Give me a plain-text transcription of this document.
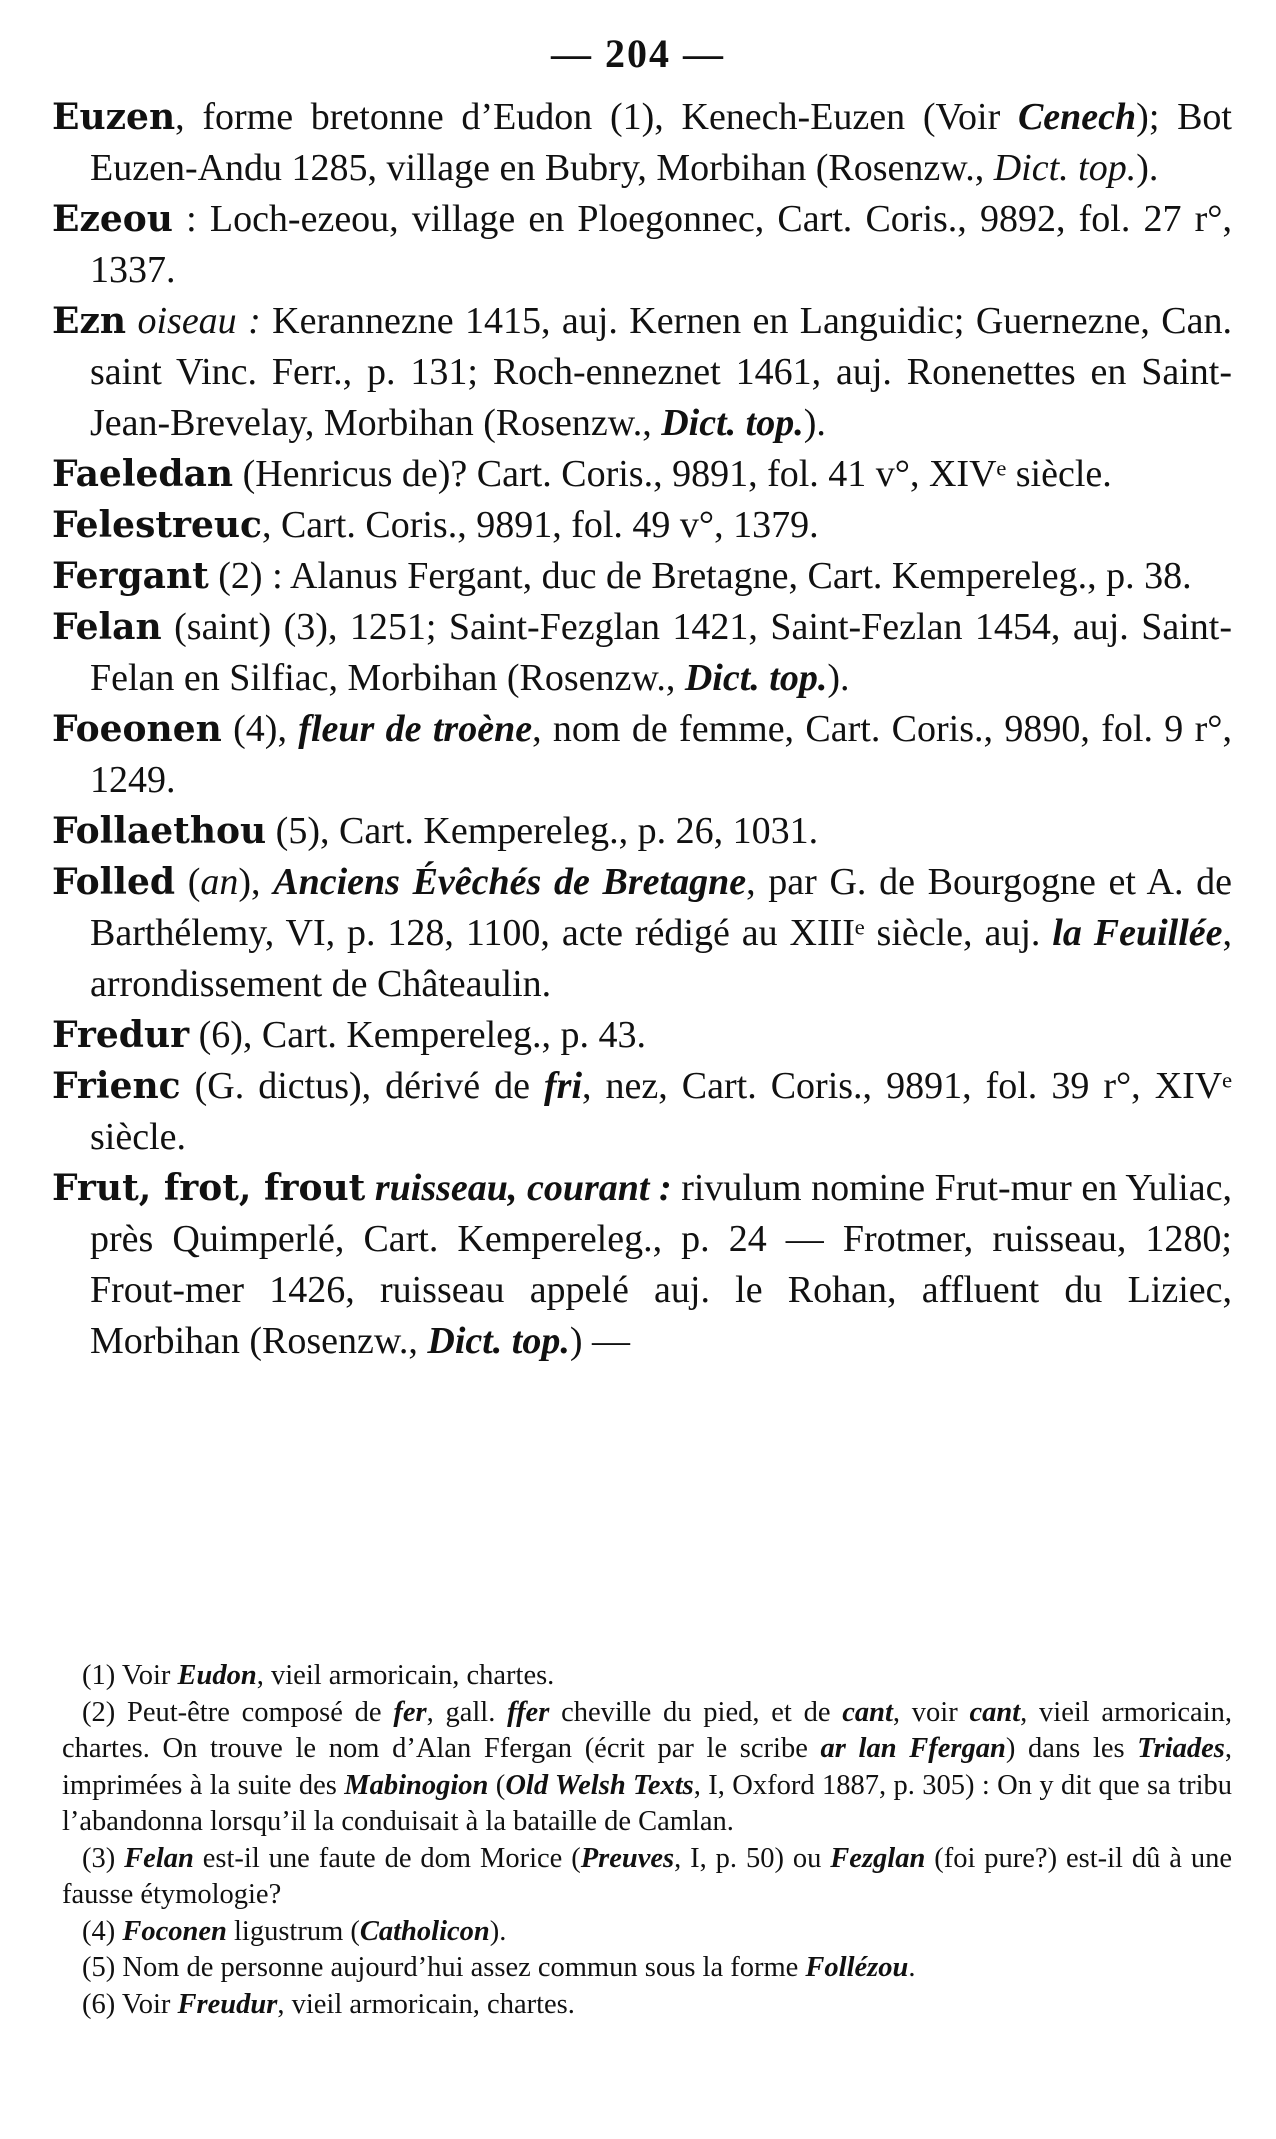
— 204 —

Euzen, forme bretonne d’Eudon (1), Kenech-Euzen (Voir Cenech); Bot Euzen-Andu 1285, village en Bubry, Morbihan (Rosenzw., Dict. top.).

Ezeou : Loch-ezeou, village en Ploegonnec, Cart. Coris., 9892, fol. 27 r°, 1337.

Ezn oiseau : Kerannezne 1415, auj. Kernen en Languidic; Guernezne, Can. saint Vinc. Ferr., p. 131; Roch-enneznet 1461, auj. Ronenettes en Saint-Jean-Brevelay, Morbihan (Rosenzw., Dict. top.).

Faeledan (Henricus de)? Cart. Coris., 9891, fol. 41 v°, XIVᵉ siècle.

Felestreuc, Cart. Coris., 9891, fol. 49 v°, 1379.

Fergant (2) : Alanus Fergant, duc de Bretagne, Cart. Kempereleg., p. 38.

Felan (saint) (3), 1251; Saint-Fezglan 1421, Saint-Fezlan 1454, auj. Saint-Felan en Silfiac, Morbihan (Rosenzw., Dict. top.).

Foeonen (4), fleur de troène, nom de femme, Cart. Coris., 9890, fol. 9 r°, 1249.

Follaethou (5), Cart. Kempereleg., p. 26, 1031.

Folled (an), Anciens Évêchés de Bretagne, par G. de Bourgogne et A. de Barthélemy, VI, p. 128, 1100, acte rédigé au XIIIᵉ siècle, auj. la Feuillée, arrondissement de Châteaulin.

Fredur (6), Cart. Kempereleg., p. 43.

Frienc (G. dictus), dérivé de fri, nez, Cart. Coris., 9891, fol. 39 r°, XIVᵉ siècle.

Frut, frot, frout ruisseau, courant : rivulum nomine Frut-mur en Yuliac, près Quimperlé, Cart. Kempereleg., p. 24 — Frotmer, ruisseau, 1280; Frout-mer 1426, ruisseau appelé auj. le Rohan, affluent du Liziec, Morbihan (Rosenzw., Dict. top.) —

(1) Voir Eudon, vieil armoricain, chartes.

(2) Peut-être composé de fer, gall. ffer cheville du pied, et de cant, voir cant, vieil armoricain, chartes. On trouve le nom d’Alan Ffergan (écrit par le scribe ar lan Ffergan) dans les Triades, imprimées à la suite des Mabinogion (Old Welsh Texts, I, Oxford 1887, p. 305) : On y dit que sa tribu l’abandonna lorsqu’il la conduisait à la bataille de Camlan.

(3) Felan est-il une faute de dom Morice (Preuves, I, p. 50) ou Fezglan (foi pure?) est-il dû à une fausse étymologie?

(4) Foconen ligustrum (Catholicon).

(5) Nom de personne aujourd’hui assez commun sous la forme Follézou.

(6) Voir Freudur, vieil armoricain, chartes.
